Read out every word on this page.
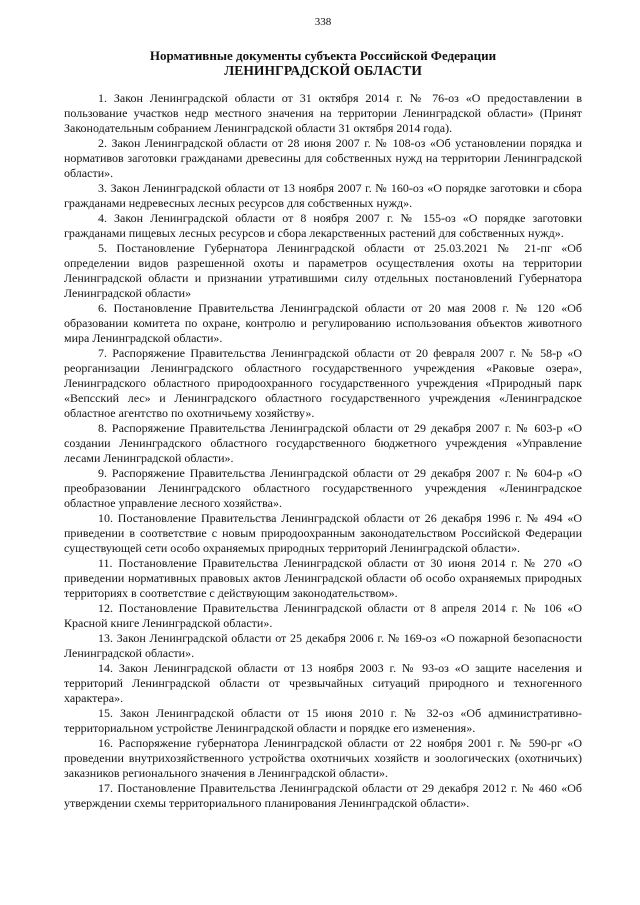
338
Нормативные документы субъекта Российской Федерации
ЛЕНИНГРАДСКОЙ ОБЛАСТИ

1. Закон Ленинградской области от 31 октября 2014 г. № 76-оз «О предоставлении в пользование участков недр местного значения на территории Ленинградской области» (Принят Законодательным собранием Ленинградской области 31 октября 2014 года).

2. Закон Ленинградской области от 28 июня 2007 г. № 108-оз «Об установлении порядка и нормативов заготовки гражданами древесины для собственных нужд на территории Ленинградской области».

3. Закон Ленинградской области от 13 ноября 2007 г. № 160-оз «О порядке заготовки и сбора гражданами недревесных лесных ресурсов для собственных нужд».

4. Закон Ленинградской области от 8 ноября 2007 г. № 155-оз «О порядке заготовки гражданами пищевых лесных ресурсов и сбора лекарственных растений для собственных нужд».

5. Постановление Губернатора Ленинградской области от 25.03.2021 № 21-пг «Об определении видов разрешенной охоты и параметров осуществления охоты на территории Ленинградской области и признании утратившими силу отдельных постановлений Губернатора Ленинградской области»

6. Постановление Правительства Ленинградской области от 20 мая 2008 г. № 120 «Об образовании комитета по охране, контролю и регулированию использования объектов животного мира Ленинградской области».

7. Распоряжение Правительства Ленинградской области от 20 февраля 2007 г. № 58-р «О реорганизации Ленинградского областного государственного учреждения «Раковые озера», Ленинградского областного природоохранного государственного учреждения «Природный парк «Вепсский лес» и Ленинградского областного государственного учреждения «Ленинградское областное агентство по охотничьему хозяйству».

8. Распоряжение Правительства Ленинградской области от 29 декабря 2007 г. № 603-р «О создании Ленинградского областного государственного бюджетного учреждения «Управление лесами Ленинградской области».

9. Распоряжение Правительства Ленинградской области от 29 декабря 2007 г. № 604-р «О преобразовании Ленинградского областного государственного учреждения «Ленинградское областное управление лесного хозяйства».

10. Постановление Правительства Ленинградской области от 26 декабря 1996 г. № 494 «О приведении в соответствие с новым природоохранным законодательством Российской Федерации существующей сети особо охраняемых природных территорий Ленинградской области».

11. Постановление Правительства Ленинградской области от 30 июня 2014 г. № 270 «О приведении нормативных правовых актов Ленинградской области об особо охраняемых природных территориях в соответствие с действующим законодательством».

12. Постановление Правительства Ленинградской области от 8 апреля 2014 г. № 106 «О Красной книге Ленинградской области».

13. Закон Ленинградской области от 25 декабря 2006 г. № 169-оз «О пожарной безопасности Ленинградской области».

14. Закон Ленинградской области от 13 ноября 2003 г. № 93-оз «О защите населения и территорий Ленинградской области от чрезвычайных ситуаций природного и техногенного характера».

15. Закон Ленинградской области от 15 июня 2010 г. № 32-оз «Об административно-территориальном устройстве Ленинградской области и порядке его изменения».

16. Распоряжение губернатора Ленинградской области от 22 ноября 2001 г. № 590-рг «О проведении внутрихозяйственного устройства охотничьих хозяйств и зоологических (охотничьих) заказников регионального значения в Ленинградской области».

17. Постановление Правительства Ленинградской области от 29 декабря 2012 г. № 460 «Об утверждении схемы территориального планирования Ленинградской области».
